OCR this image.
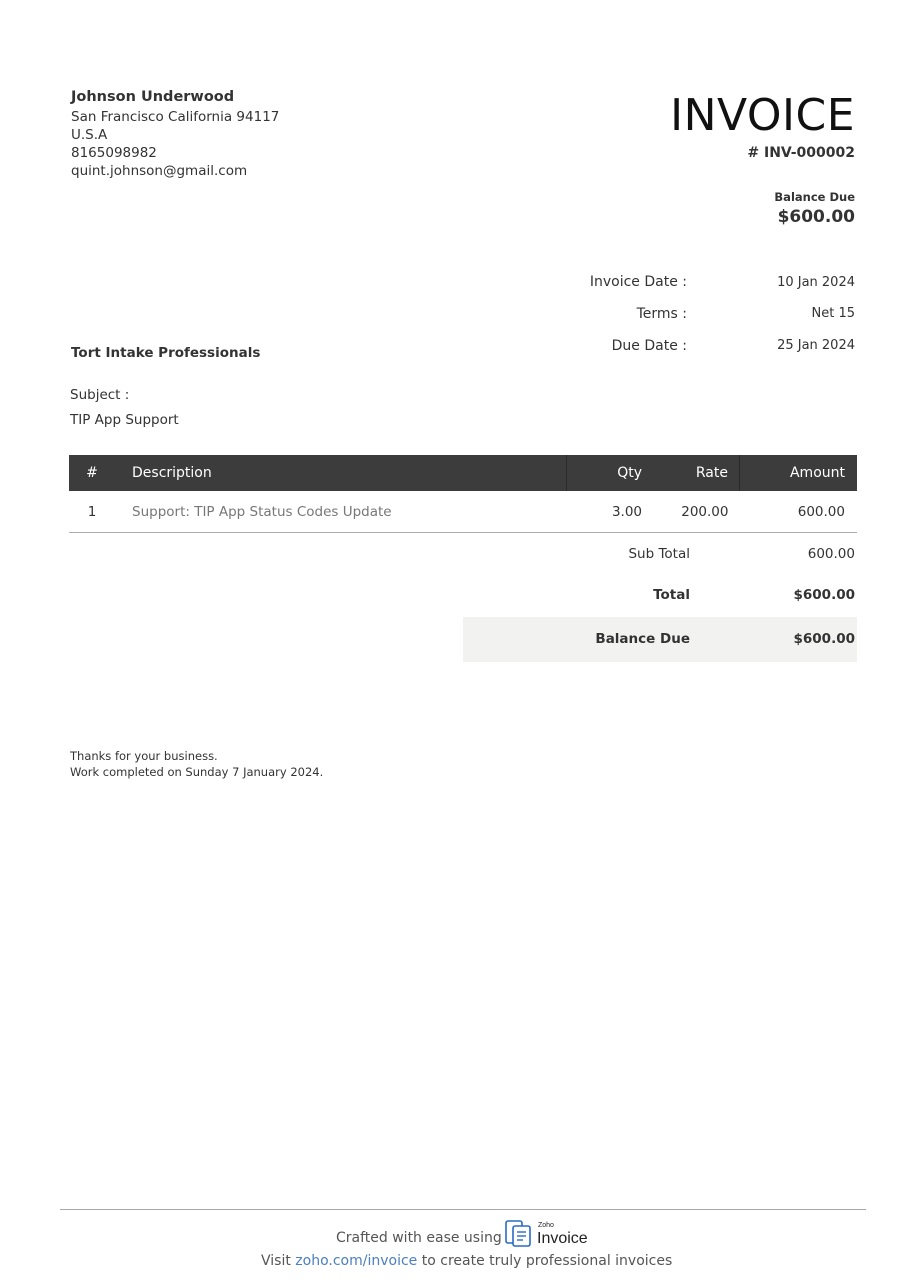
Johnson Underwood
San Francisco California 94117
U.S.A
8165098982
quint.johnson@gmail.com
INVOICE
# INV-000002
Balance Due
$600.00
Invoice Date :	10 Jan 2024
Terms :	Net 15
Due Date :	25 Jan 2024
Tort Intake Professionals
Subject :
TIP App Support
#	Description	Qty	Rate	Amount
1	Support: TIP App Status Codes Update	3.00	200.00	600.00
Sub Total	600.00
Total	$600.00
Balance Due	$600.00
Thanks for your business.
Work completed on Sunday 7 January 2024.
Crafted with ease using
Zoho
Invoice
Visit zoho.com/invoice to create truly professional invoices
